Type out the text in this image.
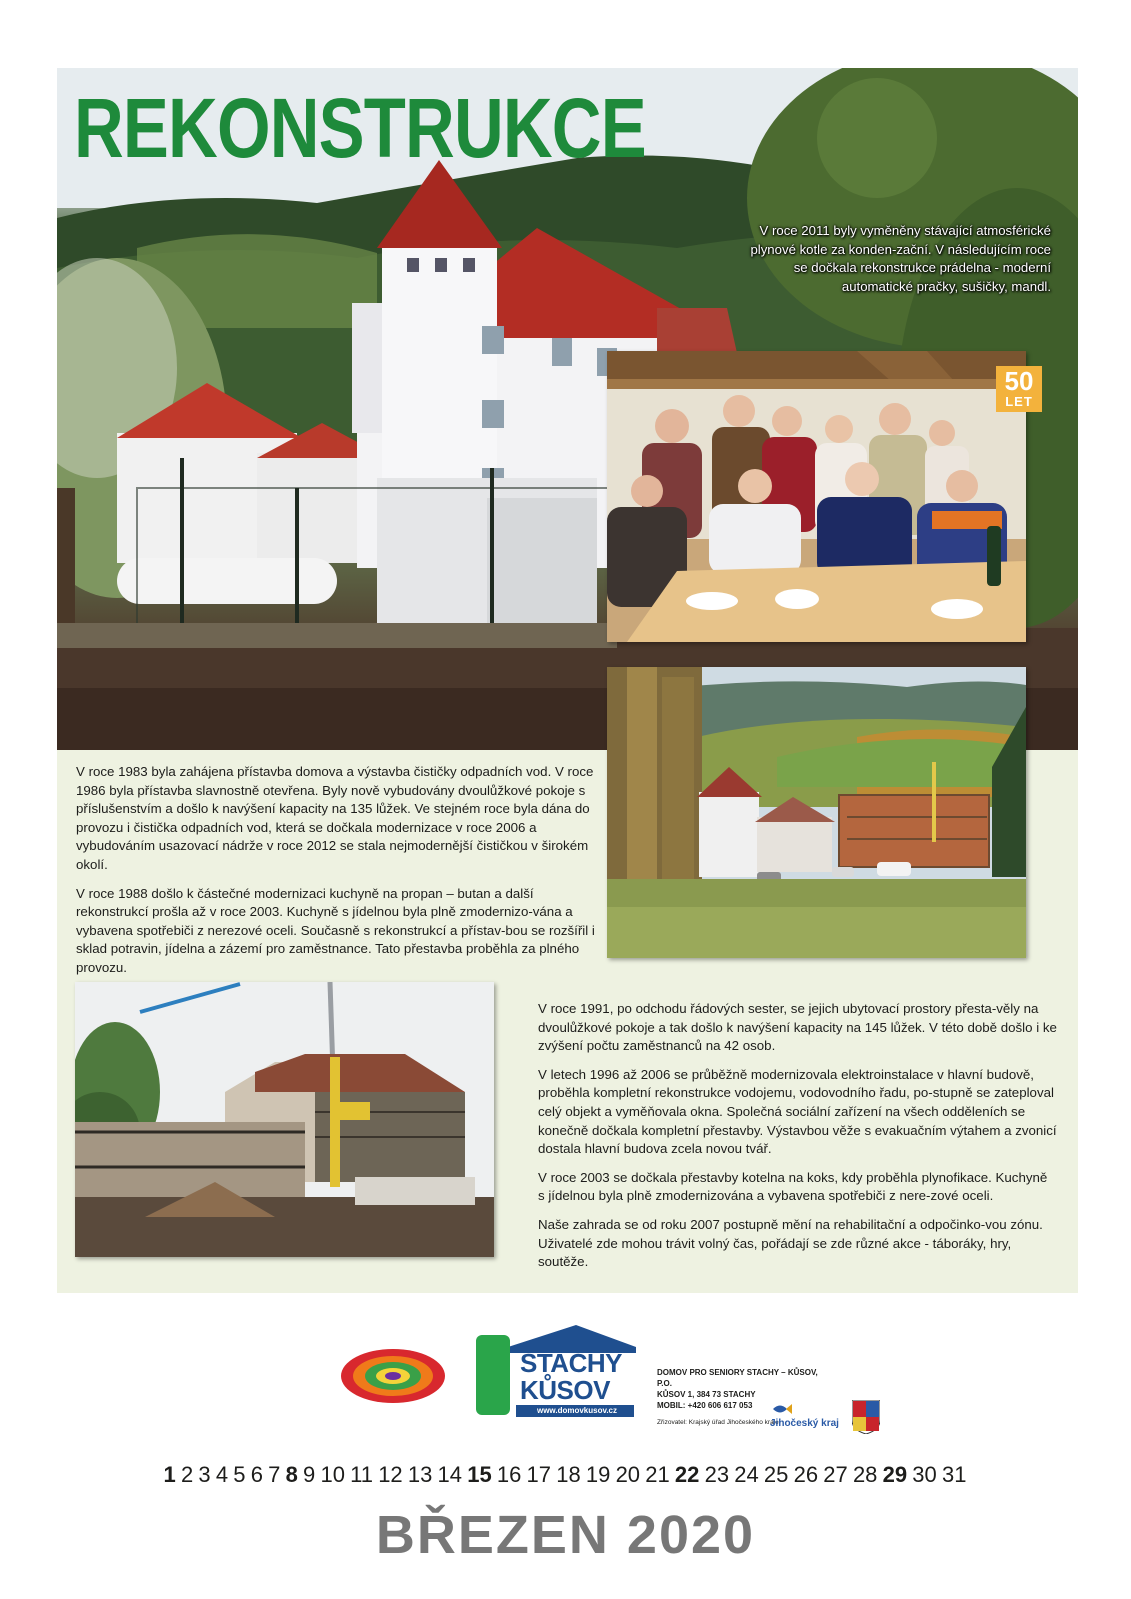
REKONSTRUKCE

V roce 2011 byly vyměněny stávající atmosférické plynové kotle za konden-zační. V následujícím roce se dočkala rekonstrukce prádelna - moderní automatické pračky, sušičky, mandl.

50
LET

V roce 1983 byla zahájena přístavba domova a výstavba čističky odpadních vod. V roce 1986 byla přístavba slavnostně otevřena. Byly nově vybudovány dvoulůžkové pokoje s příslušenstvím a došlo k navýšení kapacity na 135 lůžek. Ve stejném roce byla dána do provozu i čistička odpadních vod, která se dočkala modernizace v roce 2006 a vybudováním usazovací nádrže v roce 2012 se stala nejmodernější čističkou v širokém okolí.

V roce 1988 došlo k částečné modernizaci kuchyně na propan – butan a další rekonstrukcí prošla až v roce 2003. Kuchyně s jídelnou byla plně zmodernizo-vána a vybavena spotřebiči z nerezové oceli. Současně s rekonstrukcí a přístav-bou se rozšířil i sklad potravin, jídelna a zázemí pro zaměstnance. Tato přestavba proběhla za plného provozu.

V roce 1991, po odchodu řádových sester, se jejich ubytovací prostory přesta-věly na dvoulůžkové pokoje a tak došlo k navýšení kapacity na 145 lůžek. V této době došlo i ke zvýšení počtu zaměstnanců na 42 osob.

V letech 1996 až 2006 se průběžně modernizovala elektroinstalace v hlavní budově, proběhla kompletní rekonstrukce vodojemu, vodovodního řadu, po-stupně se zateploval celý objekt a vyměňovala okna. Společná sociální zařízení na všech odděleních se konečně dočkala kompletní přestavby. Výstavbou věže s evakuačním výtahem a zvonicí dostala hlavní budova zcela novou tvář.

V roce 2003 se dočkala přestavby kotelna na koks, kdy proběhla plynofikace. Kuchyně s jídelnou byla plně zmodernizována a vybavena spotřebiči z nere-zové oceli.

Naše zahrada se od roku 2007 postupně mění na rehabilitační a odpočinko-vou zónu. Uživatelé zde mohou trávit volný čas, pořádají se zde různé akce - táboráky, hry, soutěže.

STACHY
KŮSOV
www.domovkusov.cz
DOMOV PRO SENIORY STACHY – KŮSOV, P.O.
KŮSOV 1, 384 73 STACHY
MOBIL: +420 606 617 053
Zřizovatel: Krajský úřad Jihočeského kraje
Jihočeský kraj
1 2 3 4 5 6 7 8 9 10 11 12 13 14 15 16 17 18 19 20 21 22 23 24 25 26 27 28 29 30 31
BŘEZEN 2020
